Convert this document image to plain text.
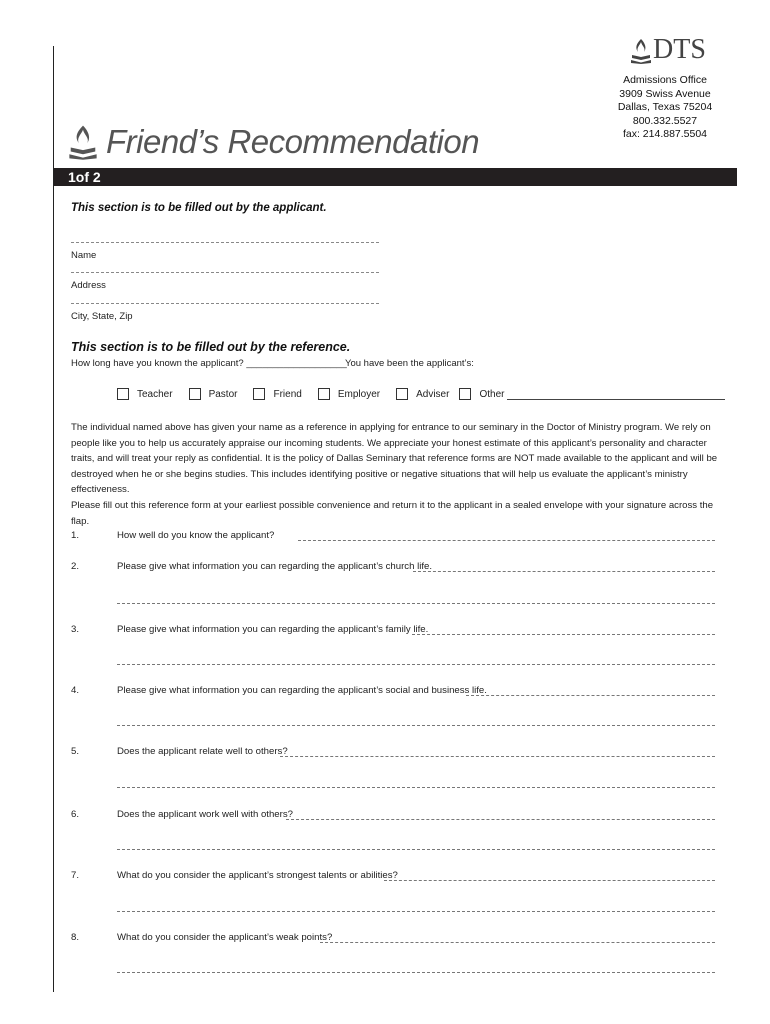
DTS
Admissions Office
3909 Swiss Avenue
Dallas, Texas 75204
800.332.5527
fax: 214.887.5504
Friend’s Recommendation
1of 2
This section is to be filled out by the applicant.
Name
Address
City, State, Zip
This section is to be filled out by the reference.
How long have you known the applicant? ___________________
You have been the applicant’s:
Teacher	Pastor	Friend	Employer	Adviser	Other
The individual named above has given your name as a reference in applying for entrance to our seminary in the Doctor of Ministry program. We rely on people like you to help us accurately appraise our incoming students. We appreciate your honest estimate of this applicant’s personality and character traits, and will treat your reply as confidential. It is the policy of Dallas Seminary that reference forms are NOT made available to the applicant and will be destroyed when he or she begins studies. This includes identifying positive or negative situations that will help us evaluate the applicant’s ministry effectiveness.
Please fill out this reference form at your earliest possible convenience and return it to the applicant in a sealed envelope with your signature across the flap.
1.	How well do you know the applicant?
2.	Please give what information you can regarding the applicant’s church life.
3.	Please give what information you can regarding the applicant’s family life.
4.	Please give what information you can regarding the applicant’s social and business life.
5.	Does the applicant relate well to others?
6.	Does the applicant work well with others?
7.	What do you consider the applicant’s strongest talents or abilities?
8.	What do you consider the applicant’s weak points?
